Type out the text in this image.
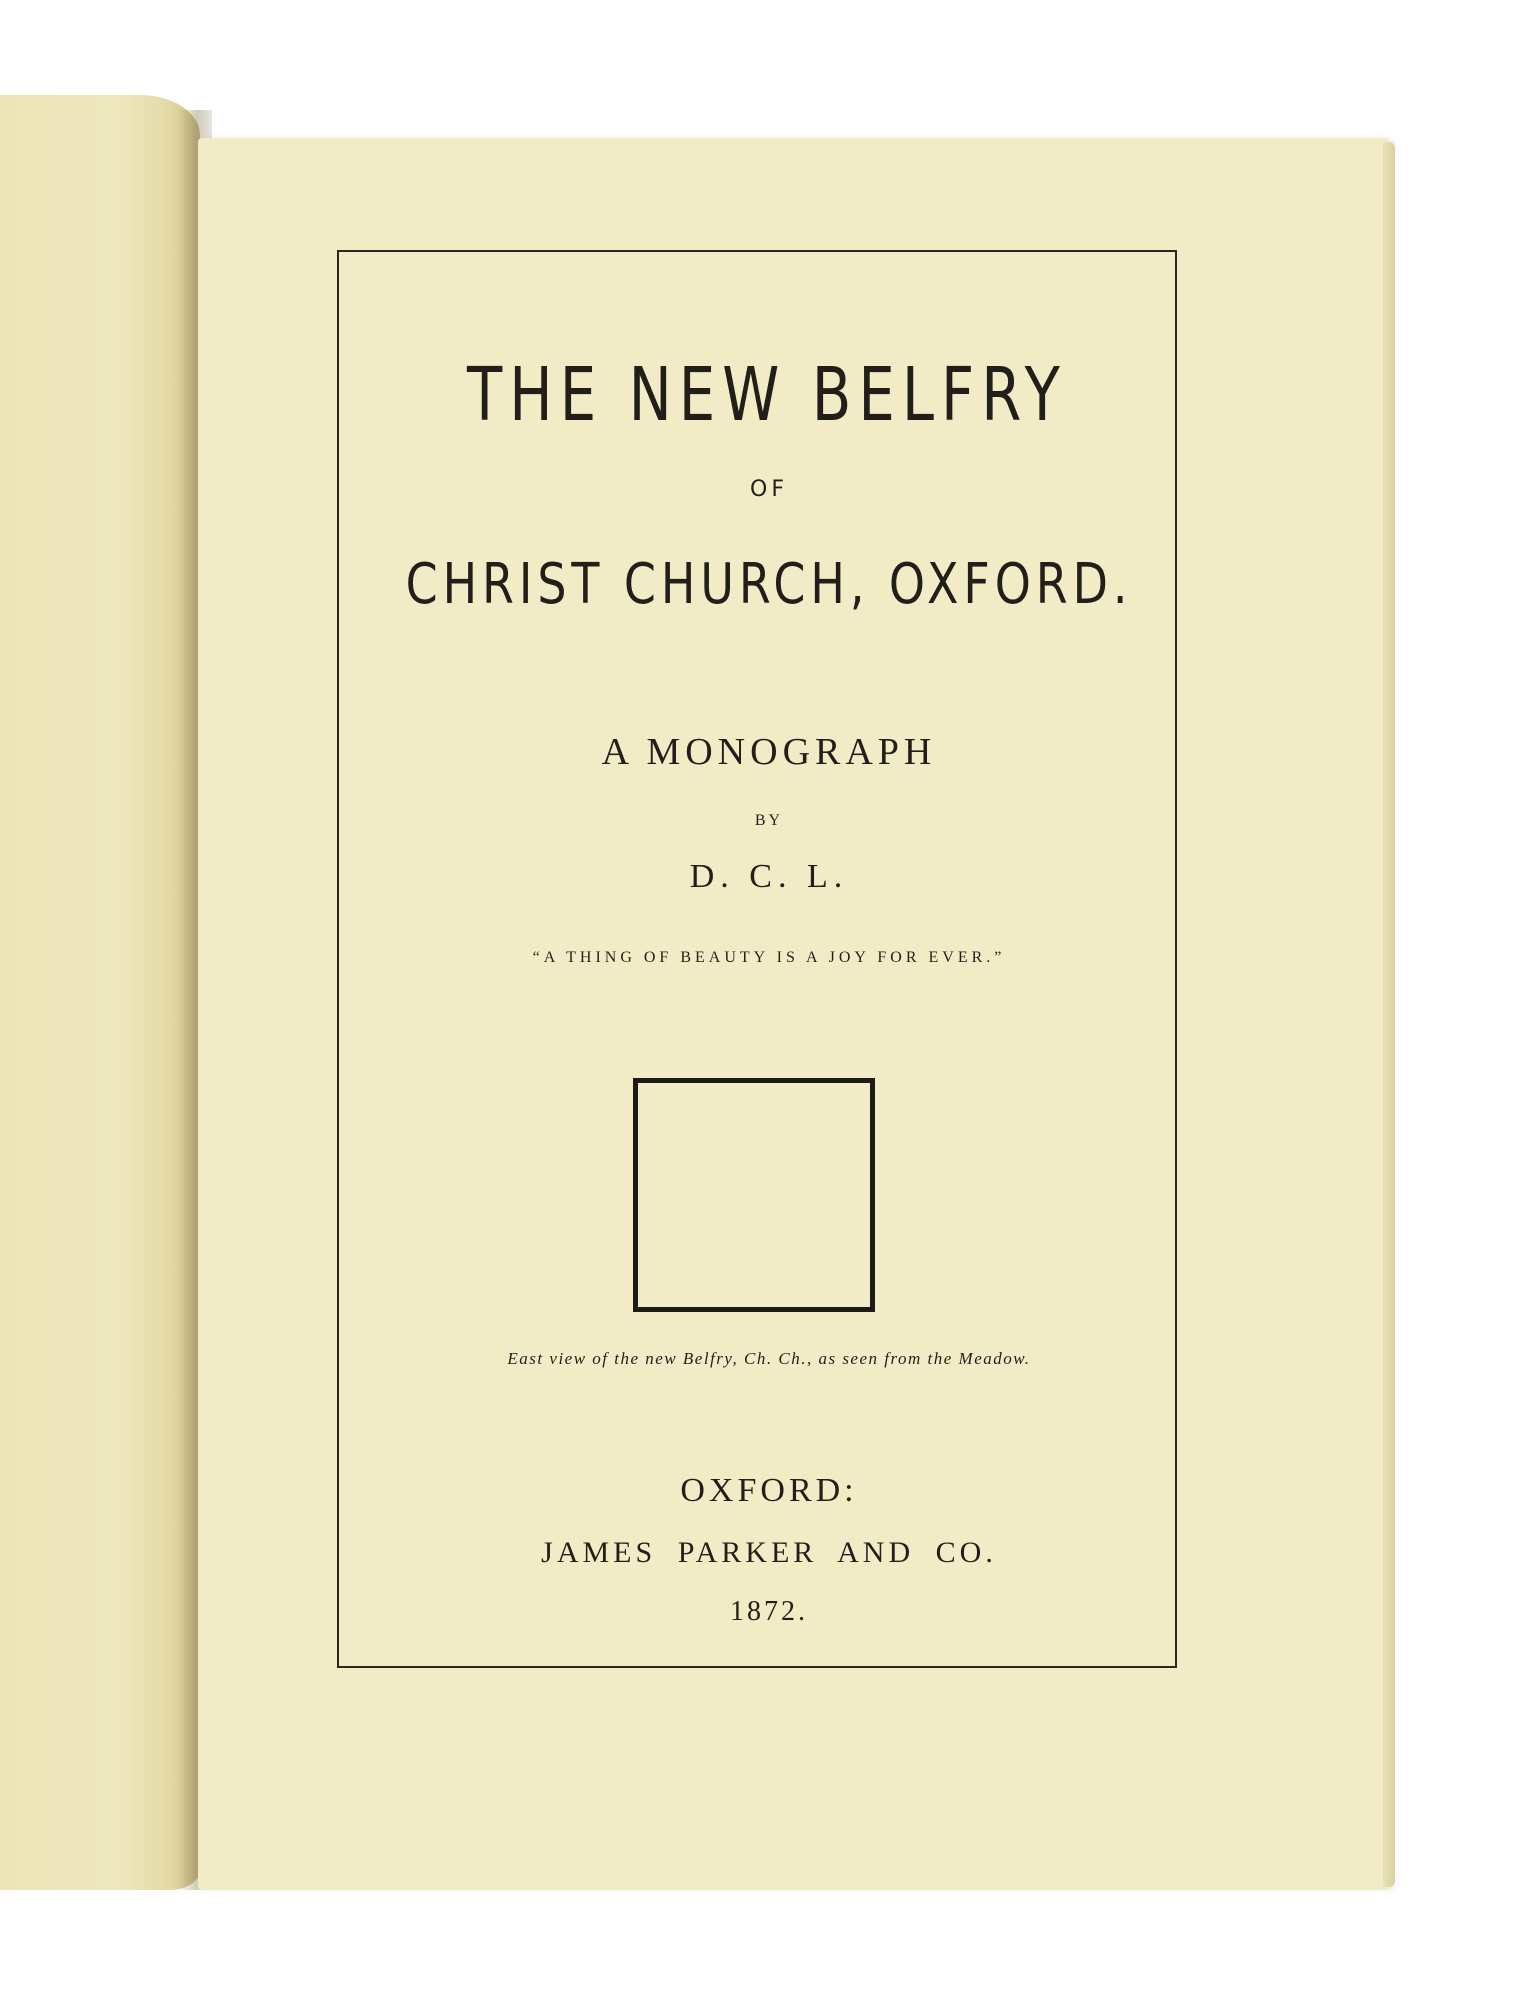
THE NEW BELFRY
OF
CHRIST CHURCH, OXFORD.
A MONOGRAPH
BY
D. C. L.
“A THING OF BEAUTY IS A JOY FOR EVER.”
East view of the new Belfry, Ch. Ch., as seen from the Meadow.
OXFORD:
JAMES PARKER AND CO.
1872.
